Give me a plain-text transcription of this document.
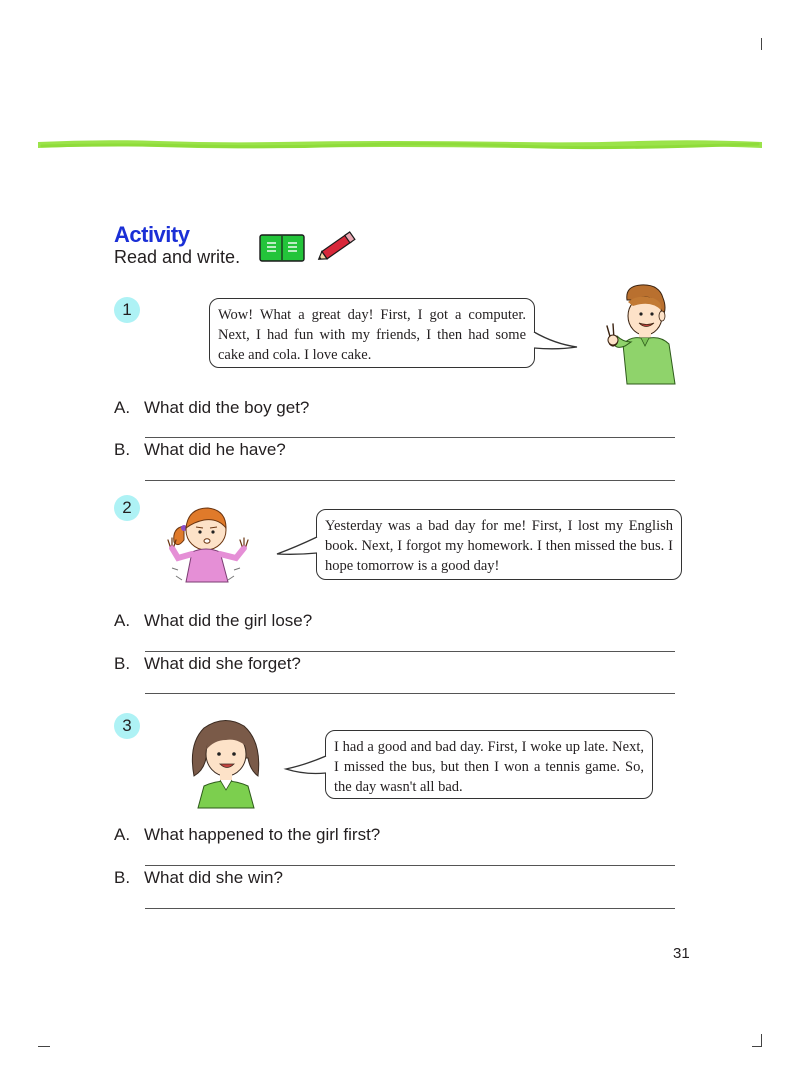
Activity
Read and write.
1	Wow! What a great day! First, I got a computer. Next, I had fun with my friends, I then had some cake and cola. I love cake.
A. What did the boy get?
B. What did he have?
2
Yesterday was a bad day for me! First, I lost my English book. Next, I forgot my homework. I then missed the bus. I hope tomorrow is a good day!
A. What did the girl lose?
B. What did she forget?
3
I had a good and bad day. First, I woke up late. Next, I missed the bus, but then I won a tennis game. So, the day wasn't all bad.
A. What happened to the girl first?
B. What did she win?
31
